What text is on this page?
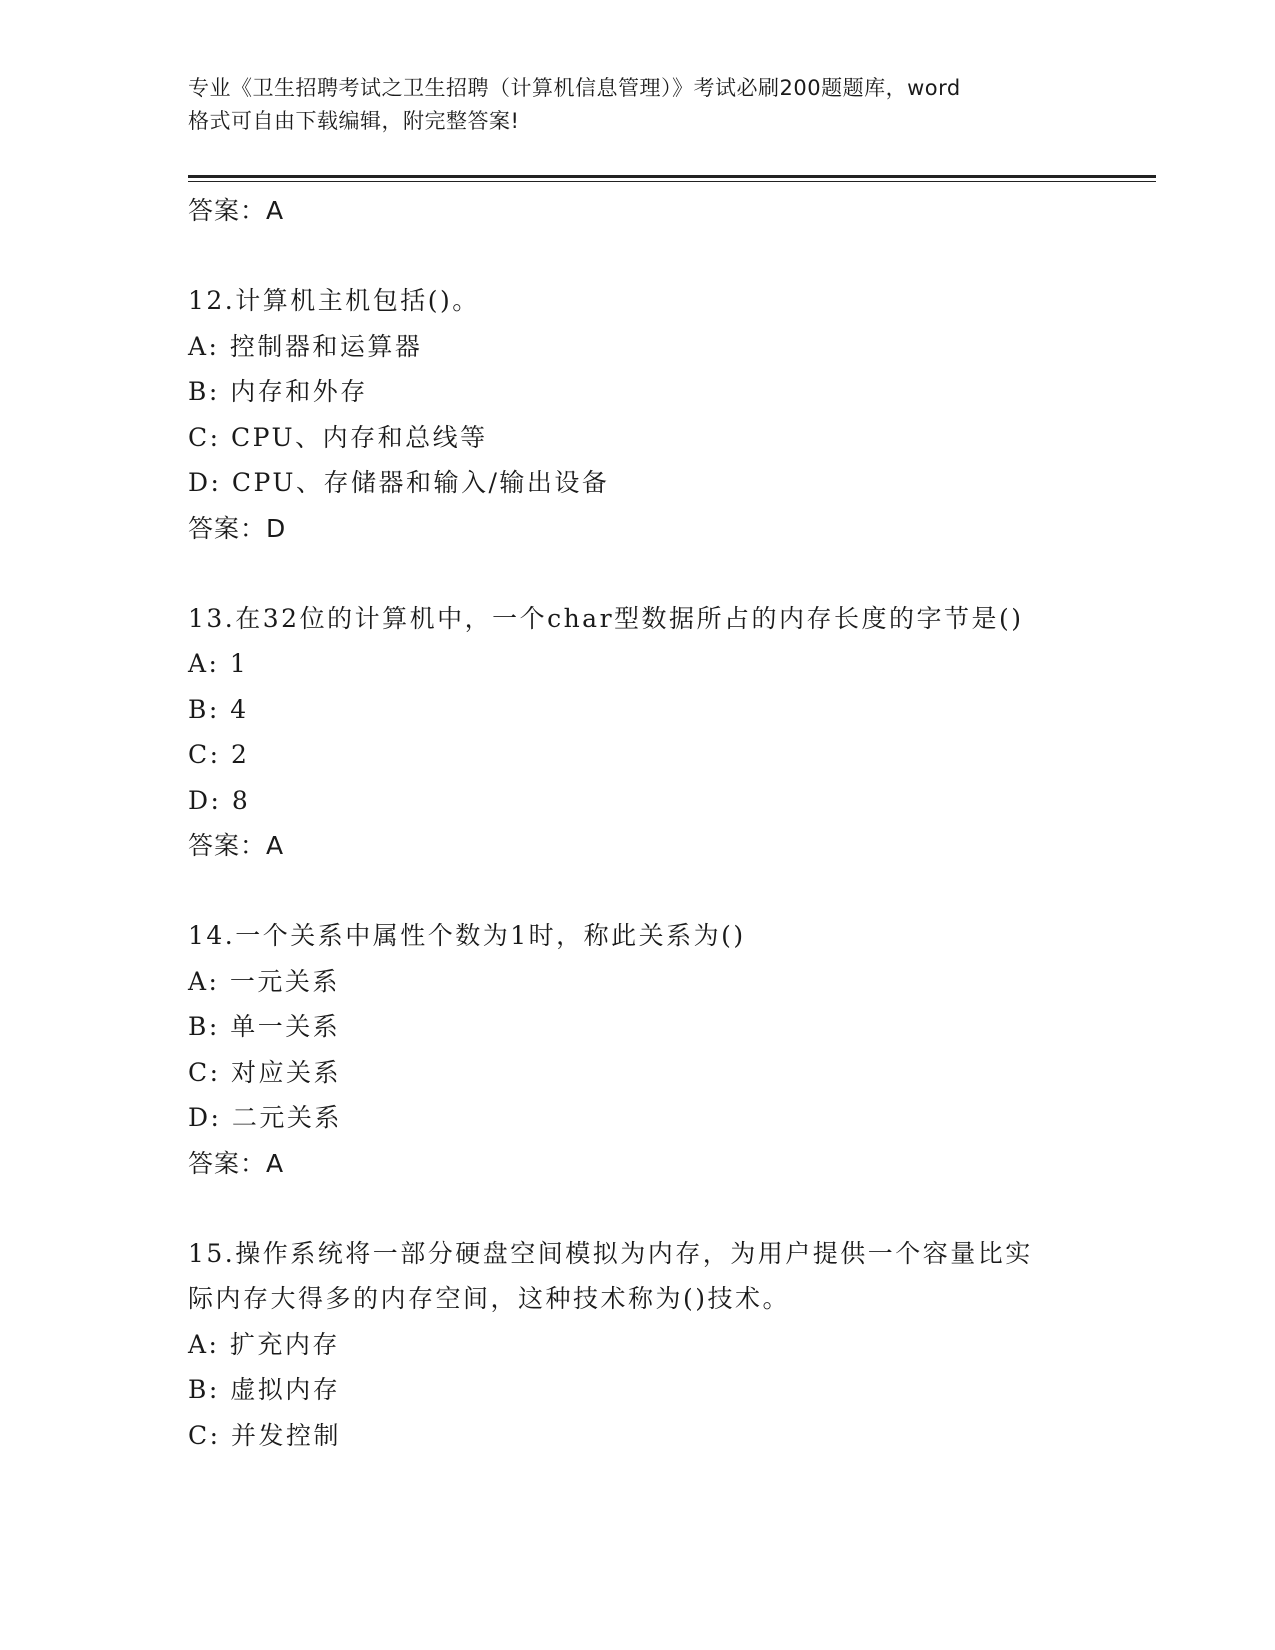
专业《卫生招聘考试之卫生招聘（计算机信息管理）》考试必刷200题题库，word
格式可自由下载编辑，附完整答案!
答案：A
12.计算机主机包括()。
A: 控制器和运算器
B: 内存和外存
C: CPU、内存和总线等
D: CPU、存储器和输入/输出设备
答案：D
13.在32位的计算机中，一个char型数据所占的内存长度的字节是()
A: 1
B: 4
C: 2
D: 8
答案：A
14.一个关系中属性个数为1时，称此关系为()
A: 一元关系
B: 单一关系
C: 对应关系
D: 二元关系
答案：A
15.操作系统将一部分硬盘空间模拟为内存，为用户提供一个容量比实
际内存大得多的内存空间，这种技术称为()技术。
A: 扩充内存
B: 虚拟内存
C: 并发控制
